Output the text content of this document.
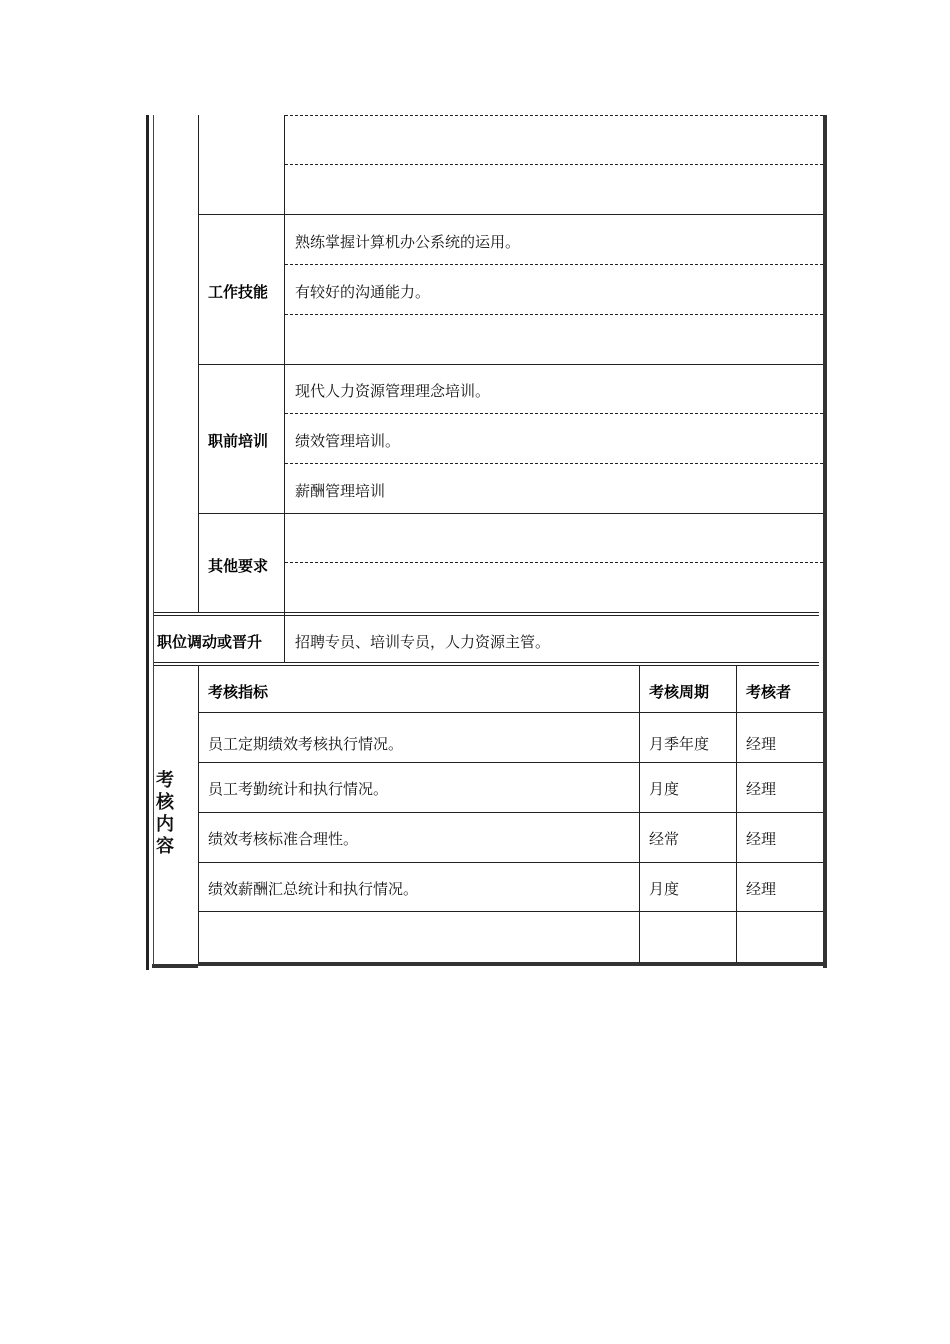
工作技能
熟练掌握计算机办公系统的运用。
有较好的沟通能力。
职前培训
现代人力资源管理理念培训。
绩效管理培训。
薪酬管理培训
其他要求
职位调动或晋升 招聘专员、培训专员，人力资源主管。
考核内容
考核指标	考核周期 考核者
员工定期绩效考核执行情况。	月季年度 经理
员工考勤统计和执行情况。	月度	经理
绩效考核标准合理性。	经常	经理
绩效薪酬汇总统计和执行情况。	月度	经理
